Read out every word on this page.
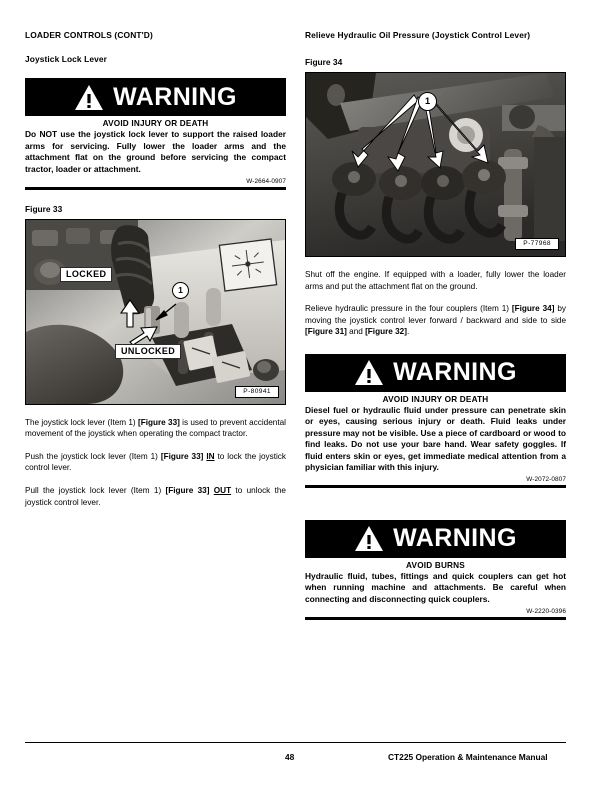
LOADER CONTROLS (CONT'D)
Joystick Lock Lever
WARNING
AVOID INJURY OR DEATH
Do NOT use the joystick lock lever to support the raised loader arms for servicing. Fully lower the loader arms and the attachment flat on the ground before servicing the compact tractor, loader or attachment.
W-2664-0907
Figure 33
LOCKED
UNLOCKED
1
P-80941

The joystick lock lever (Item 1) [Figure 33] is used to prevent accidental movement of the joystick when operating the compact tractor.

Push the joystick lock lever (Item 1) [Figure 33] IN to lock the joystick control lever.

Pull the joystick lock lever (Item 1) [Figure 33] OUT to unlock the joystick control lever.

Relieve Hydraulic Oil Pressure (Joystick Control Lever)
Figure 34
1
P-77968

Shut off the engine. If equipped with a loader, fully lower the loader arms and put the attachment flat on the ground.

Relieve hydraulic pressure in the four couplers (Item 1) [Figure 34] by moving the joystick control lever forward / backward and side to side [Figure 31] and [Figure 32].

WARNING
AVOID INJURY OR DEATH
Diesel fuel or hydraulic fluid under pressure can penetrate skin or eyes, causing serious injury or death. Fluid leaks under pressure may not be visible. Use a piece of cardboard or wood to find leaks. Do not use your bare hand. Wear safety goggles. If fluid enters skin or eyes, get immediate medical attention from a physician familiar with this injury.
W-2072-0807
WARNING
AVOID BURNS
Hydraulic fluid, tubes, fittings and quick couplers can get hot when running machine and attachments. Be careful when connecting and disconnecting quick couplers.
W-2220-0396
48	CT225 Operation & Maintenance Manual
